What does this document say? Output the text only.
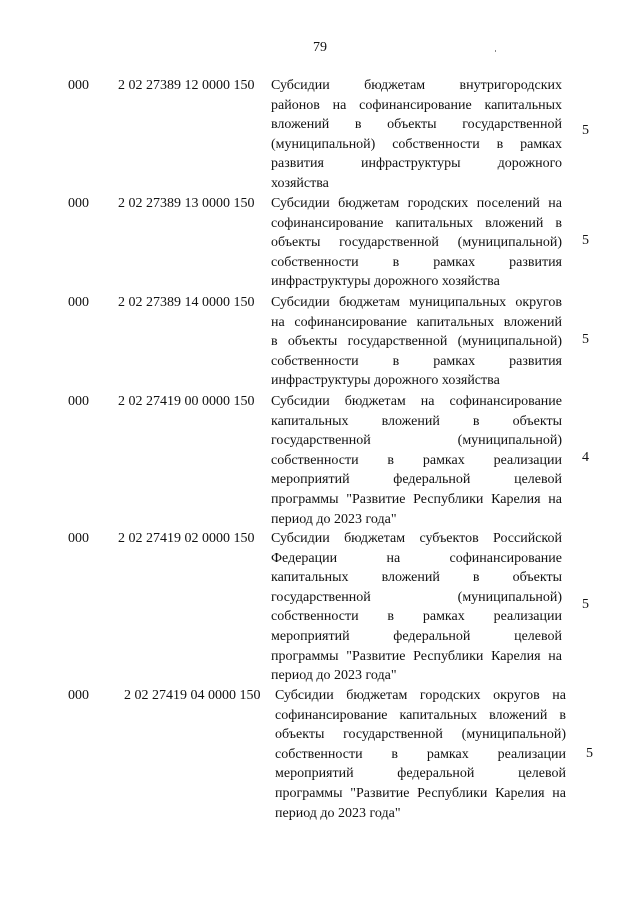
79
000 2 02 27389 12 0000 150 Субсидии бюджетам внутригородских
районов на софинансирование капитальных
вложений в объекты государственной
(муниципальной) собственности в рамках
развития инфраструктуры дорожного
хозяйства
5
000 2 02 27389 13 0000 150 Субсидии бюджетам городских поселений на
софинансирование капитальных вложений в
объекты государственной (муниципальной)
собственности в рамках развития
инфраструктуры дорожного хозяйства
5
000 2 02 27389 14 0000 150 Субсидии бюджетам муниципальных округов
на софинансирование капитальных вложений
в объекты государственной (муниципальной)
собственности в рамках развития
инфраструктуры дорожного хозяйства
5
000 2 02 27419 00 0000 150 Субсидии бюджетам на софинансирование
капитальных вложений в объекты
государственной (муниципальной)
собственности в рамках реализации
мероприятий федеральной целевой
программы "Развитие Республики Карелия на
период до 2023 года"
4
000 2 02 27419 02 0000 150 Субсидии бюджетам субъектов Российской
Федерации на софинансирование
капитальных вложений в объекты
государственной (муниципальной)
собственности в рамках реализации
мероприятий федеральной целевой
программы "Развитие Республики Карелия на
период до 2023 года"
5
000	2 02 27419 04 0000 150 Субсидии бюджетам городских округов на
софинансирование капитальных вложений в
объекты государственной (муниципальной)
собственности в рамках реализации
мероприятий федеральной целевой
программы "Развитие Республики Карелия на
период до 2023 года"
5
